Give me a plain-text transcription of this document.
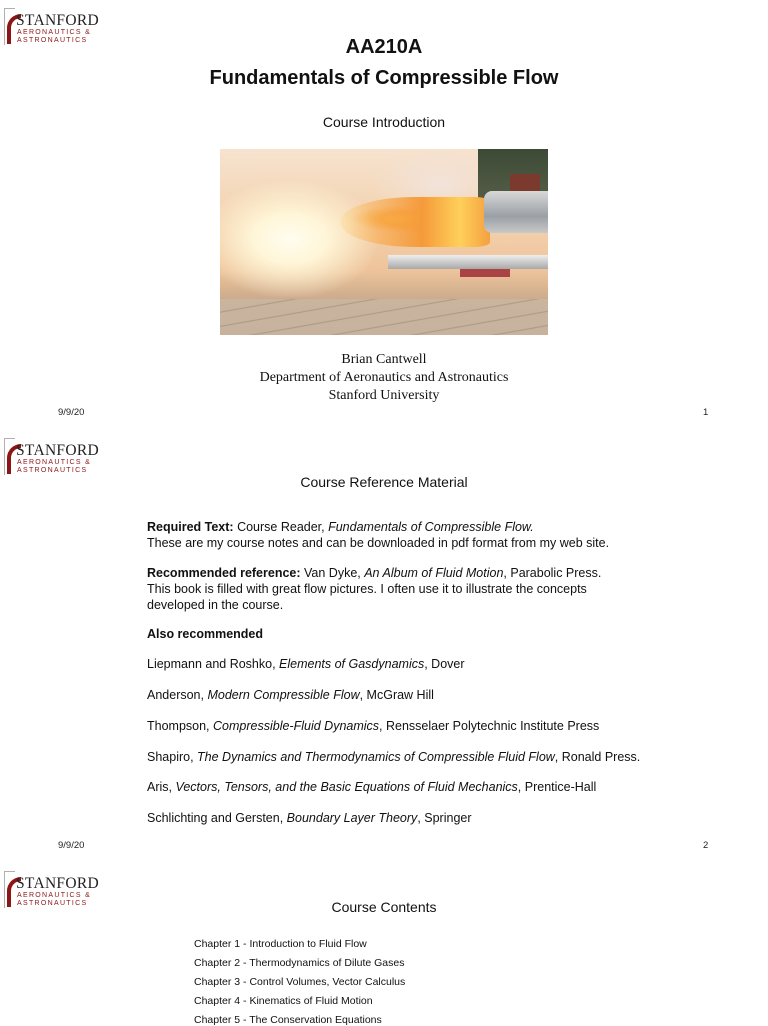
STANFORD
AERONAUTICS &
ASTRONAUTICS	AA210A
Fundamentals of Compressible Flow
Course Introduction
Brian Cantwell
Department of Aeronautics and Astronautics
Stanford University
9/9/20	1
STANFORD
AERONAUTICS &
ASTRONAUTICS
Course Reference Material
Required Text: Course Reader, Fundamentals of Compressible Flow.
These are my course notes and can be downloaded in pdf format from my web site.
Recommended reference: Van Dyke, An Album of Fluid Motion, Parabolic Press.
This book is filled with great flow pictures. I often use it to illustrate the concepts
developed in the course.
Also recommended
Liepmann and Roshko, Elements of Gasdynamics, Dover
Anderson, Modern Compressible Flow, McGraw Hill
Thompson, Compressible-Fluid Dynamics, Rensselaer Polytechnic Institute Press
Shapiro, The Dynamics and Thermodynamics of Compressible Fluid Flow, Ronald Press.
Aris, Vectors, Tensors, and the Basic Equations of Fluid Mechanics, Prentice-Hall
Schlichting and Gersten, Boundary Layer Theory, Springer
9/9/20	2
STANFORD
AERONAUTICS &
ASTRONAUTICS	Course Contents
Chapter 1 - Introduction to Fluid Flow
Chapter 2 - Thermodynamics of Dilute Gases
Chapter 3 - Control Volumes, Vector Calculus
Chapter 4 - Kinematics of Fluid Motion
Chapter 5 - The Conservation Equations
